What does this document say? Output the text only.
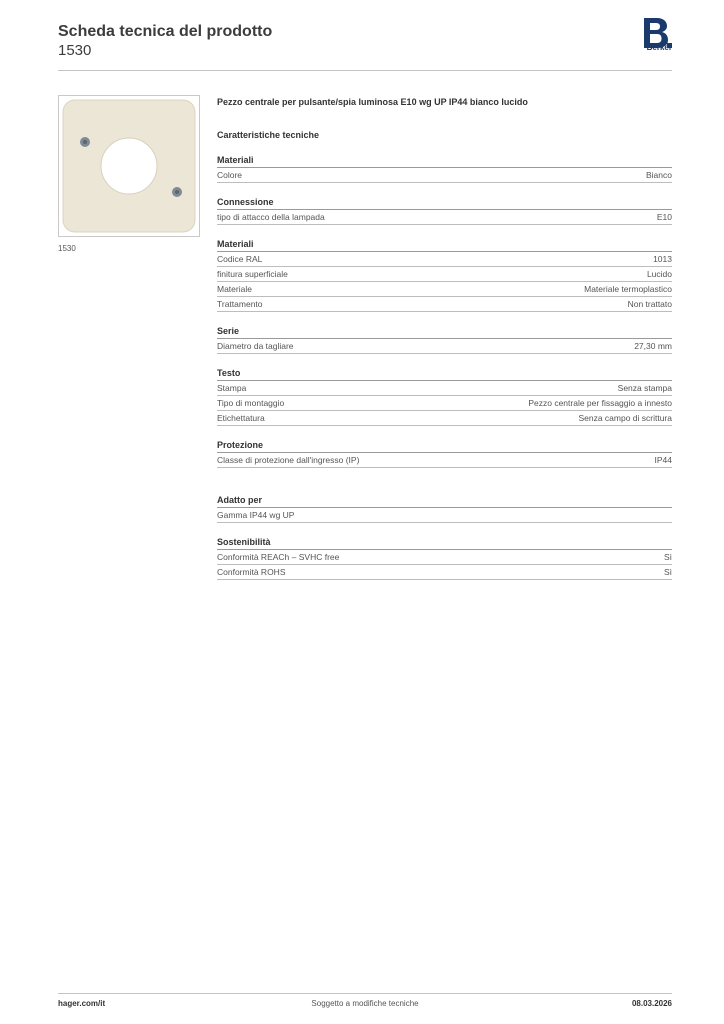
Scheda tecnica del prodotto
1530	Berker
1530
Pezzo centrale per pulsante/spia luminosa E10 wg UP IP44 bianco lucido
Caratteristiche tecniche
Materiali
Colore	Bianco
Connessione
tipo di attacco della lampada	E10
Materiali
Codice RAL	1013
finitura superficiale	Lucido
Materiale	Materiale termoplastico
Trattamento	Non trattato
Serie
Diametro da tagliare	27,30 mm
Testo
Stampa	Senza stampa
Tipo di montaggio	Pezzo centrale per fissaggio a innesto
Etichettatura	Senza campo di scrittura
Protezione
Classe di protezione dall'ingresso (IP)	IP44
Adatto per
Gamma IP44 wg UP
Sostenibilità
Conformità REACh – SVHC free	Sì
Conformità ROHS	Sì
hager.com/it	Soggetto a modifiche tecniche	08.03.2026
